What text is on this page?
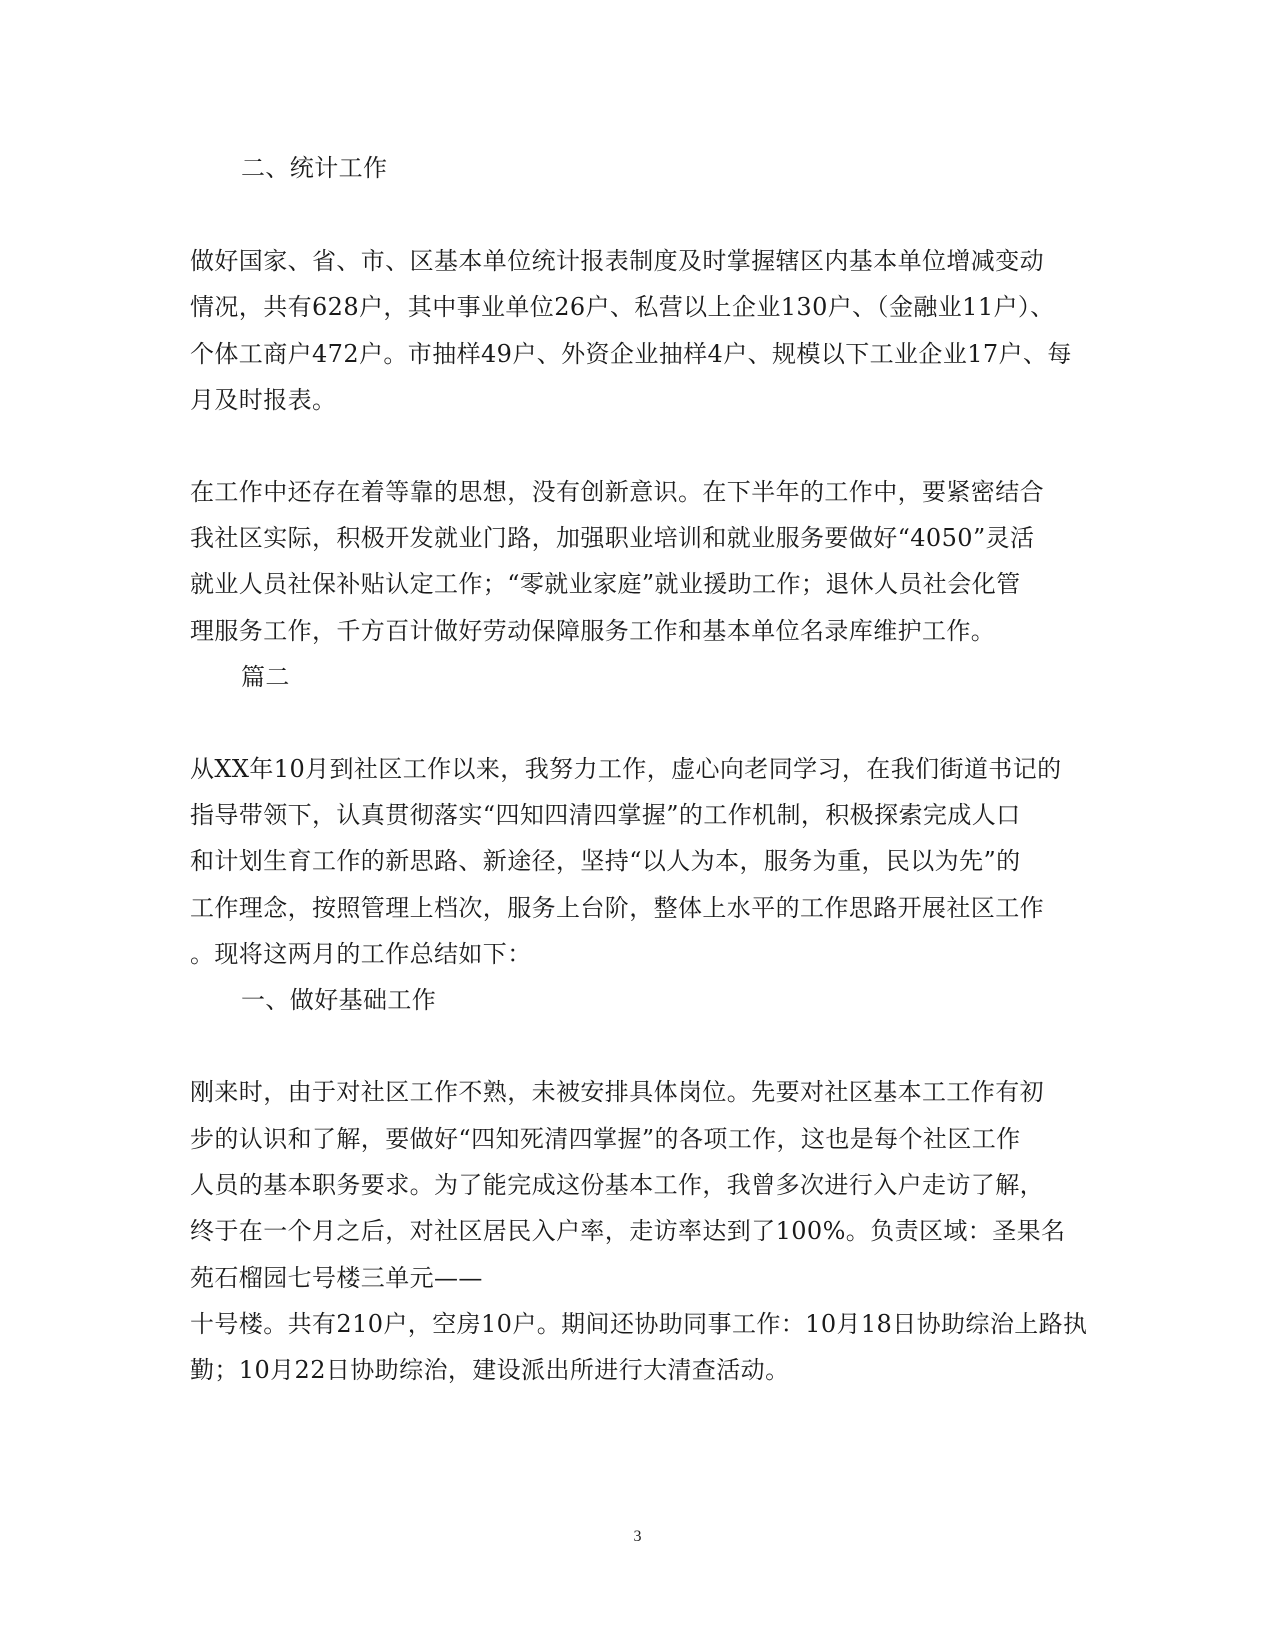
二、统计工作
做好国家、省、市、区基本单位统计报表制度及时掌握辖区内基本单位增减变动
情况，共有628户，其中事业单位26户、私营以上企业130户、（金融业11户）、
个体工商户472户。市抽样49户、外资企业抽样4户、规模以下工业企业17户、每
月及时报表。
在工作中还存在着等靠的思想，没有创新意识。在下半年的工作中，要紧密结合
我社区实际，积极开发就业门路，加强职业培训和就业服务要做好“4050”灵活
就业人员社保补贴认定工作；“零就业家庭”就业援助工作；退休人员社会化管
理服务工作，千方百计做好劳动保障服务工作和基本单位名录库维护工作。
篇二
从XX年10月到社区工作以来，我努力工作，虚心向老同学习，在我们街道书记的
指导带领下，认真贯彻落实“四知四清四掌握”的工作机制，积极探索完成人口
和计划生育工作的新思路、新途径，坚持“以人为本，服务为重，民以为先”的
工作理念，按照管理上档次，服务上台阶，整体上水平的工作思路开展社区工作
。现将这两月的工作总结如下：
一、做好基础工作
刚来时，由于对社区工作不熟，未被安排具体岗位。先要对社区基本工工作有初
步的认识和了解，要做好“四知死清四掌握”的各项工作，这也是每个社区工作
人员的基本职务要求。为了能完成这份基本工作，我曾多次进行入户走访了解，
终于在一个月之后，对社区居民入户率，走访率达到了100%。负责区域：圣果名
苑石榴园七号楼三单元——
十号楼。共有210户，空房10户。期间还协助同事工作：10月18日协助综治上路执
勤；10月22日协助综治，建设派出所进行大清查活动。
3
